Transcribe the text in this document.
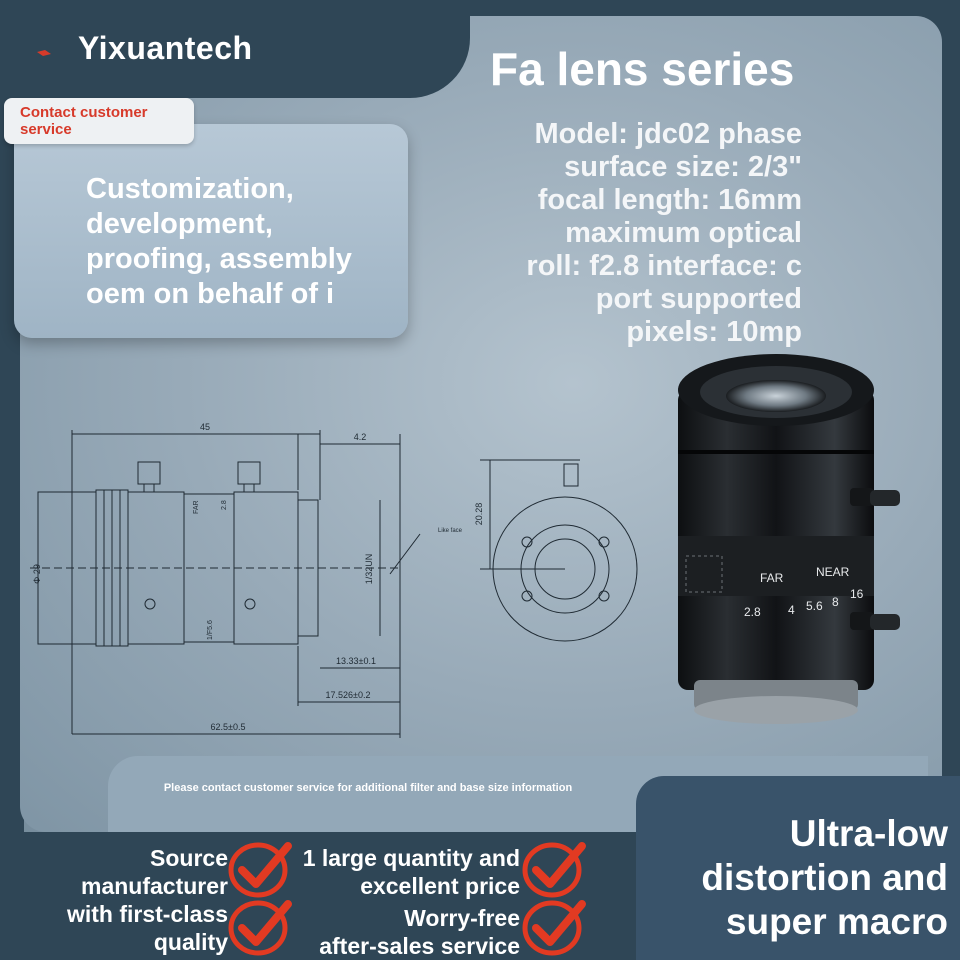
Yixuantech
Contact customer service
Customization,
development,
proofing, assembly
oem on behalf of i
Fa lens series
Model: jdc02 phase
surface size: 2/3"
focal length: 16mm
maximum optical
roll: f2.8 interface: c
port supported
pixels: 10mp
45
4.2
Φ 29	1/32UN
Like face
13.33±0.1
17.526±0.2
62.5±0.5
20.28
FAR	2.8
1/F5.6
FAR	NEAR
2.8 4 5.6 8
16
Please contact customer service for additional filter and base size information
Ultra-low
distortion and
super macro
Source
manufacturer
1 large quantity and
excellent price
with first-class
quality
Worry-free
after-sales service
